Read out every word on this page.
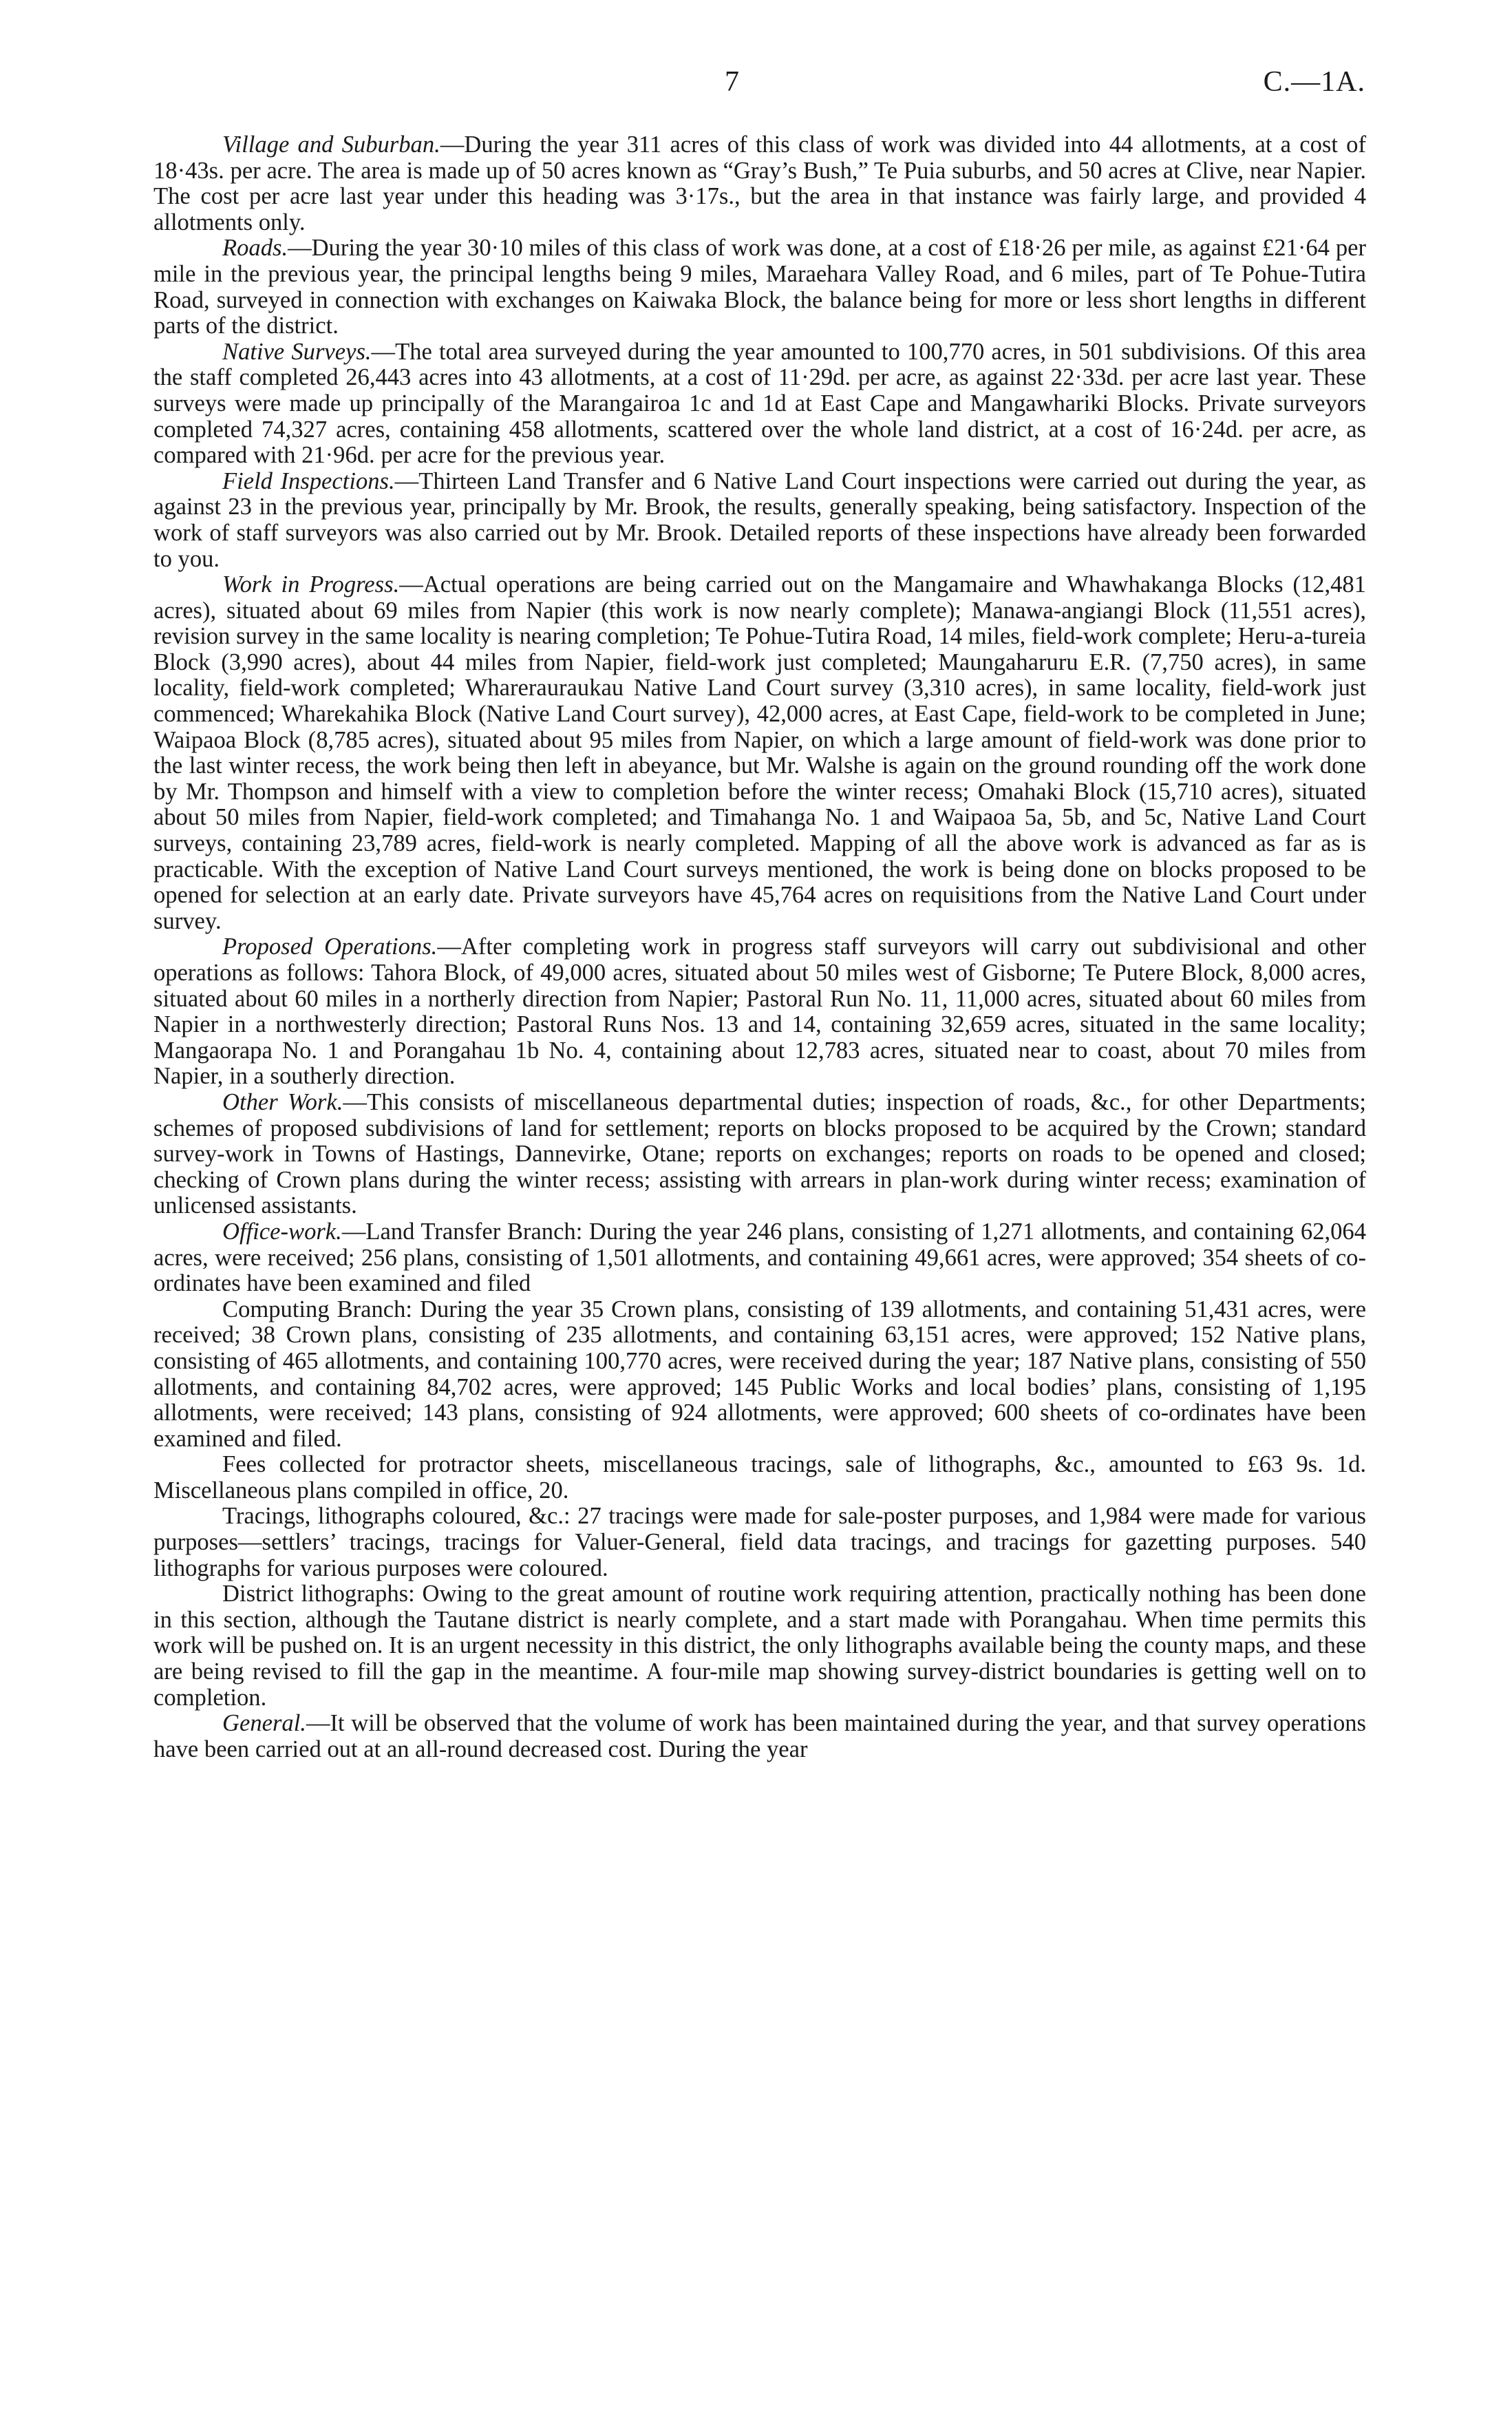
7	C.—1A.

Village and Suburban.—During the year 311 acres of this class of work was divided into 44 allotments, at a cost of 18·43s. per acre. The area is made up of 50 acres known as “Gray’s Bush,” Te Puia suburbs, and 50 acres at Clive, near Napier. The cost per acre last year under this heading was 3·17s., but the area in that instance was fairly large, and provided 4 allotments only.

Roads.—During the year 30·10 miles of this class of work was done, at a cost of £18·26 per mile, as against £21·64 per mile in the previous year, the principal lengths being 9 miles, Maraehara Valley Road, and 6 miles, part of Te Pohue-Tutira Road, surveyed in connection with exchanges on Kaiwaka Block, the balance being for more or less short lengths in different parts of the district.

Native Surveys.—The total area surveyed during the year amounted to 100,770 acres, in 501 subdivisions. Of this area the staff completed 26,443 acres into 43 allotments, at a cost of 11·29d. per acre, as against 22·33d. per acre last year. These surveys were made up principally of the Marangairoa 1c and 1d at East Cape and Mangawhariki Blocks. Private surveyors completed 74,327 acres, containing 458 allotments, scattered over the whole land district, at a cost of 16·24d. per acre, as compared with 21·96d. per acre for the previous year.

Field Inspections.—Thirteen Land Transfer and 6 Native Land Court inspections were carried out during the year, as against 23 in the previous year, principally by Mr. Brook, the results, generally speaking, being satisfactory. Inspection of the work of staff surveyors was also carried out by Mr. Brook. Detailed reports of these inspections have already been forwarded to you.

Work in Progress.—Actual operations are being carried out on the Mangamaire and Whawhakanga Blocks (12,481 acres), situated about 69 miles from Napier (this work is now nearly complete); Manawa-angiangi Block (11,551 acres), revision survey in the same locality is nearing completion; Te Pohue-Tutira Road, 14 miles, field-work complete; Heru-a-tureia Block (3,990 acres), about 44 miles from Napier, field-work just completed; Maungaharuru E.R. (7,750 acres), in same locality, field-work completed; Wharerauraukau Native Land Court survey (3,310 acres), in same locality, field-work just commenced; Wharekahika Block (Native Land Court survey), 42,000 acres, at East Cape, field-work to be completed in June; Waipaoa Block (8,785 acres), situated about 95 miles from Napier, on which a large amount of field-work was done prior to the last winter recess, the work being then left in abeyance, but Mr. Walshe is again on the ground rounding off the work done by Mr. Thompson and himself with a view to completion before the winter recess; Omahaki Block (15,710 acres), situated about 50 miles from Napier, field-work completed; and Timahanga No. 1 and Waipaoa 5a, 5b, and 5c, Native Land Court surveys, containing 23,789 acres, field-work is nearly completed. Mapping of all the above work is advanced as far as is practicable. With the exception of Native Land Court surveys mentioned, the work is being done on blocks proposed to be opened for selection at an early date. Private surveyors have 45,764 acres on requisitions from the Native Land Court under survey.

Proposed Operations.—After completing work in progress staff surveyors will carry out subdivisional and other operations as follows: Tahora Block, of 49,000 acres, situated about 50 miles west of Gisborne; Te Putere Block, 8,000 acres, situated about 60 miles in a northerly direction from Napier; Pastoral Run No. 11, 11,000 acres, situated about 60 miles from Napier in a northwesterly direction; Pastoral Runs Nos. 13 and 14, containing 32,659 acres, situated in the same locality; Mangaorapa No. 1 and Porangahau 1b No. 4, containing about 12,783 acres, situated near to coast, about 70 miles from Napier, in a southerly direction.

Other Work.—This consists of miscellaneous departmental duties; inspection of roads, &c., for other Departments; schemes of proposed subdivisions of land for settlement; reports on blocks proposed to be acquired by the Crown; standard survey-work in Towns of Hastings, Dannevirke, Otane; reports on exchanges; reports on roads to be opened and closed; checking of Crown plans during the winter recess; assisting with arrears in plan-work during winter recess; examination of unlicensed assistants.

Office-work.—Land Transfer Branch: During the year 246 plans, consisting of 1,271 allotments, and containing 62,064 acres, were received; 256 plans, consisting of 1,501 allotments, and containing 49,661 acres, were approved; 354 sheets of co-ordinates have been examined and filed

Computing Branch: During the year 35 Crown plans, consisting of 139 allotments, and containing 51,431 acres, were received; 38 Crown plans, consisting of 235 allotments, and containing 63,151 acres, were approved; 152 Native plans, consisting of 465 allotments, and containing 100,770 acres, were received during the year; 187 Native plans, consisting of 550 allotments, and containing 84,702 acres, were approved; 145 Public Works and local bodies’ plans, consisting of 1,195 allotments, were received; 143 plans, consisting of 924 allotments, were approved; 600 sheets of co-ordinates have been examined and filed.

Fees collected for protractor sheets, miscellaneous tracings, sale of lithographs, &c., amounted to £63 9s. 1d. Miscellaneous plans compiled in office, 20.

Tracings, lithographs coloured, &c.: 27 tracings were made for sale-poster purposes, and 1,984 were made for various purposes—settlers’ tracings, tracings for Valuer-General, field data tracings, and tracings for gazetting purposes. 540 lithographs for various purposes were coloured.

District lithographs: Owing to the great amount of routine work requiring attention, practically nothing has been done in this section, although the Tautane district is nearly complete, and a start made with Porangahau. When time permits this work will be pushed on. It is an urgent necessity in this district, the only lithographs available being the county maps, and these are being revised to fill the gap in the meantime. A four-mile map showing survey-district boundaries is getting well on to completion.

General.—It will be observed that the volume of work has been maintained during the year, and that survey operations have been carried out at an all-round decreased cost. During the year
